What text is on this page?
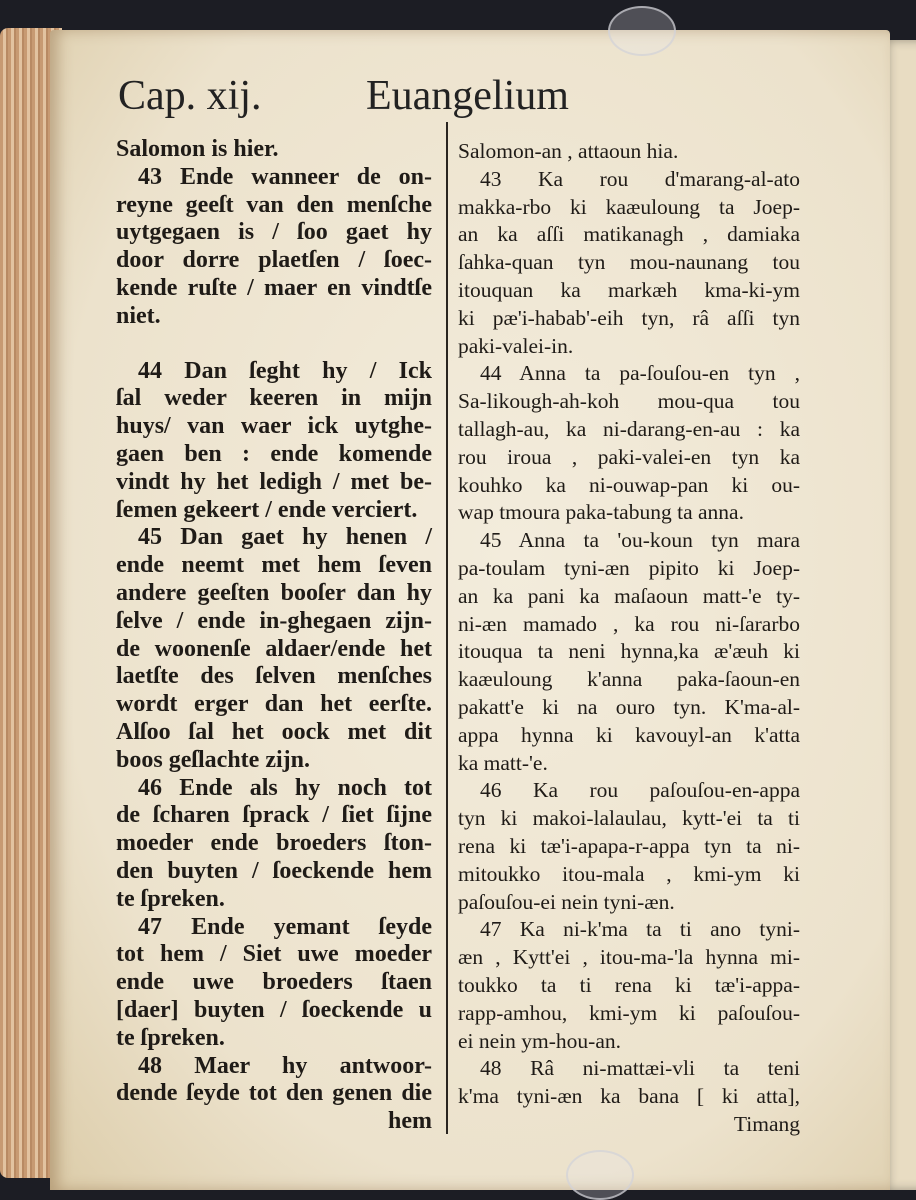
Cap. xij. Euangelium
Salomon is hier.
43 Ende wanneer de on-
reyne geeſt van den menſche
uytgegaen is / ſoo gaet hy
door dorre plaetſen / ſoec-
kende ruſte / maer en vindtſe
niet.
44 Dan ſeght hy / Ick
ſal weder keeren in mijn
huys/ van waer ick uytghe-
gaen ben : ende komende
vindt hy het ledigh / met be-
ſemen gekeert / ende verciert.
45 Dan gaet hy henen /
ende neemt met hem ſeven
andere geeſten booſer dan hy
ſelve / ende in-ghegaen zijn-
de woonenſe aldaer/ende het
laetſte des ſelven menſches
wordt erger dan het eerſte.
Alſoo ſal het oock met dit
boos geſlachte zijn.
46 Ende als hy noch tot
de ſcharen ſprack / ſiet ſijne
moeder ende broeders ſton-
den buyten / ſoeckende hem
te ſpreken.
47 Ende yemant ſeyde
tot hem / Siet uwe moeder
ende uwe broeders ſtaen
[daer] buyten / ſoeckende u
te ſpreken.
48 Maer hy antwoor-
dende ſeyde tot den genen die
hem
Salomon-an , attaoun hia.
43 Ka rou d'marang-al-ato
makka-rbo ki kaæuloung ta Joep-
an ka aſſi matikanagh , damiaka
ſahka-quan tyn mou-naunang tou
itouquan ka markæh kma-ki-ym
ki pæ'i-habab'-eih tyn, râ aſſi tyn
paki-valei-in.
44 Anna ta pa-ſouſou-en tyn ,
Sa-likough-ah-koh mou-qua tou
tallagh-au, ka ni-darang-en-au : ka
rou iroua , paki-valei-en tyn ka
kouhko ka ni-ouwap-pan ki ou-
wap tmoura paka-tabung ta anna.
45 Anna ta 'ou-koun tyn mara
pa-toulam tyni-æn pipito ki Joep-
an ka pani ka maſaoun matt-'e ty-
ni-æn mamado , ka rou ni-ſararbo
itouqua ta neni hynna,ka æ'æuh ki
kaæuloung k'anna paka-ſaoun-en
pakatt'e ki na ouro tyn. K'ma-al-
appa hynna ki kavouyl-an k'atta
ka matt-'e.
46 Ka rou paſouſou-en-appa
tyn ki makoi-lalaulau, kytt-'ei ta ti
rena ki tæ'i-apapa-r-appa tyn ta ni-
mitoukko itou-mala , kmi-ym ki
paſouſou-ei nein tyni-æn.
47 Ka ni-k'ma ta ti ano tyni-
æn , Kytt'ei , itou-ma-'la hynna mi-
toukko ta ti rena ki tæ'i-appa-
rapp-amhou, kmi-ym ki paſouſou-
ei nein ym-hou-an.
48 Râ ni-mattæi-vli ta teni
k'ma tyni-æn ka bana [ ki atta],
Timang
